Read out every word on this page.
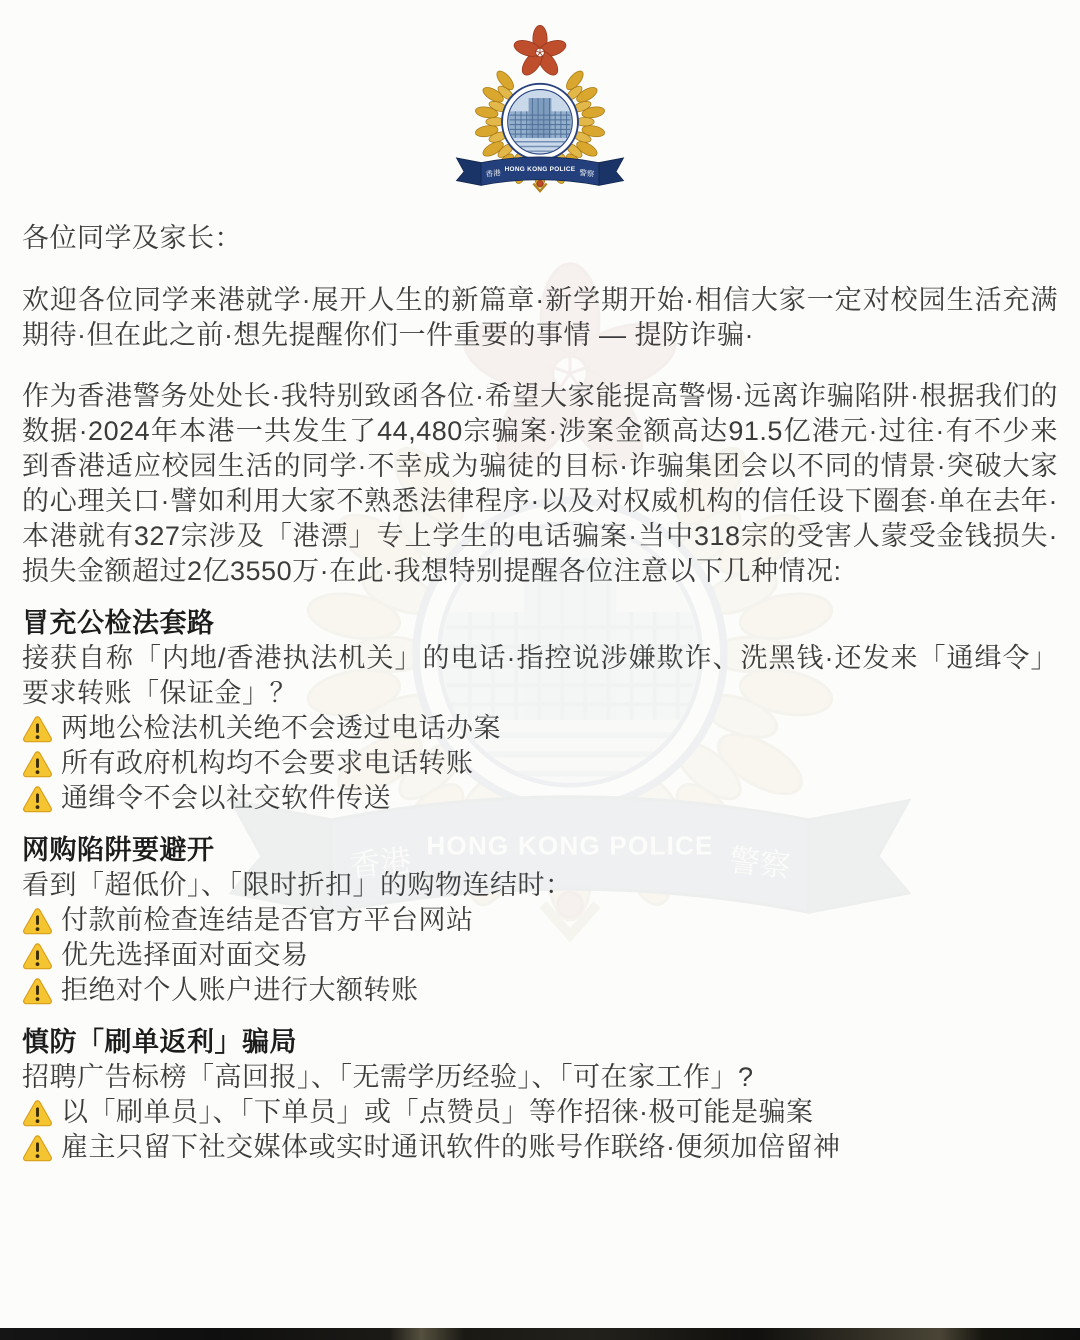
各位同学及家长：

欢迎各位同学来港就学·展开人生的新篇章·新学期开始·相信大家一定对校园生活充满期待·但在此之前·想先提醒你们一件重要的事情 — 提防诈骗·

作为香港警务处处长·我特别致函各位·希望大家能提高警惕·远离诈骗陷阱·根据我们的数据·2024年本港一共发生了44,480宗骗案·涉案金额高达91.5亿港元·过往·有不少来到香港适应校园生活的同学·不幸成为骗徒的目标·诈骗集团会以不同的情景·突破大家的心理关口·譬如利用大家不熟悉法律程序·以及对权威机构的信任设下圈套·单在去年·本港就有327宗涉及「港漂」专上学生的电话骗案·当中318宗的受害人蒙受金钱损失·损失金额超过2亿3550万·在此·我想特别提醒各位注意以下几种情况:

冒充公检法套路

接获自称「内地/香港执法机关」的电话·指控说涉嫌欺诈、洗黑钱·还发来「通缉令」要求转账「保证金」？

两地公检法机关绝不会透过电话办案
所有政府机构均不会要求电话转账
通缉令不会以社交软件传送
网购陷阱要避开

看到「超低价」、「限时折扣」的购物连结时：

付款前检查连结是否官方平台网站
优先选择面对面交易
拒绝对个人账户进行大额转账
慎防「刷单返利」骗局

招聘广告标榜「高回报」、「无需学历经验」、「可在家工作」?

以「刷单员」、「下单员」或「点赞员」等作招徕·极可能是骗案
雇主只留下社交媒体或实时通讯软件的账号作联络·便须加倍留神
